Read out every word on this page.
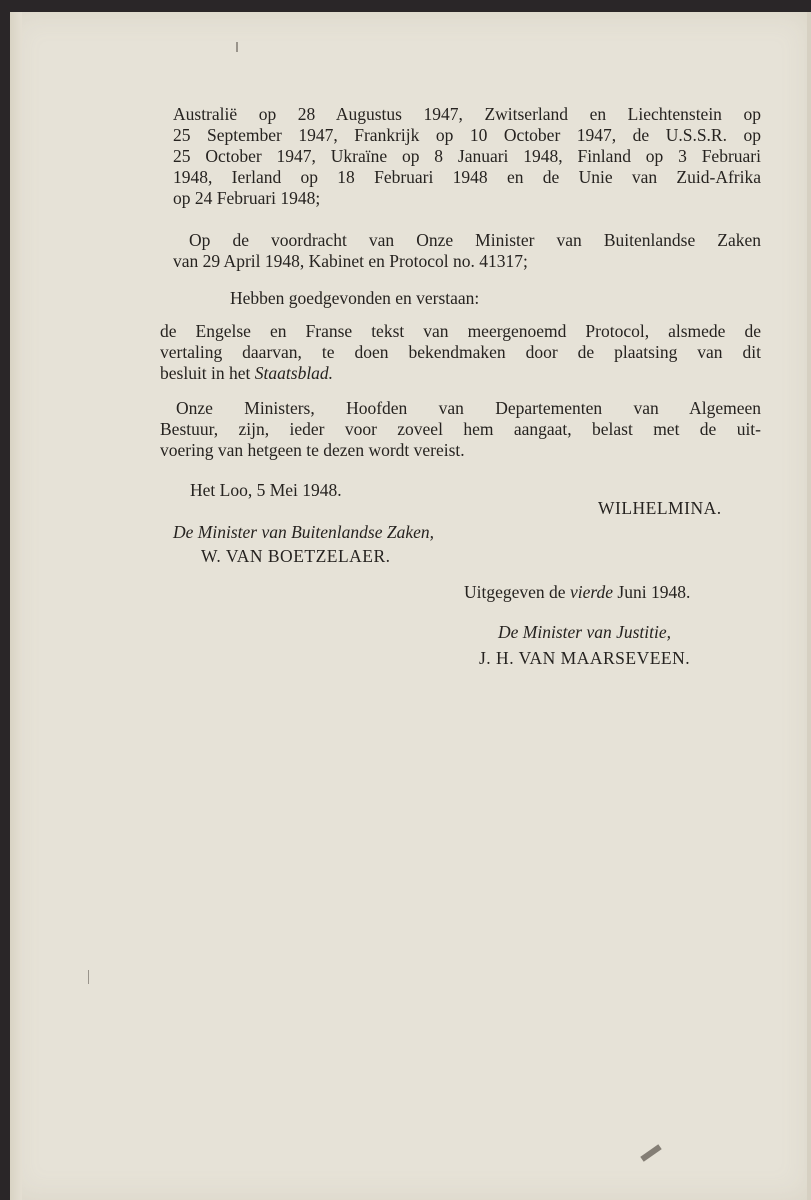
Australië op 28 Augustus 1947, Zwitserland en Liechtenstein op
25 September 1947, Frankrijk op 10 October 1947, de U.S.S.R. op
25 October 1947, Ukraïne op 8 Januari 1948, Finland op 3 Februari
1948, Ierland op 18 Februari 1948 en de Unie van Zuid-Afrika
op 24 Februari 1948;
Op de voordracht van Onze Minister van Buitenlandse Zaken
van 29 April 1948, Kabinet en Protocol no. 41317;
Hebben goedgevonden en verstaan:
de Engelse en Franse tekst van meergenoemd Protocol, alsmede de
vertaling daarvan, te doen bekendmaken door de plaatsing van dit
besluit in het Staatsblad.
Onze Ministers, Hoofden van Departementen van Algemeen
Bestuur, zijn, ieder voor zoveel hem aangaat, belast met de uit-
voering van hetgeen te dezen wordt vereist.
Het Loo, 5 Mei 1948.
WILHELMINA.
De Minister van Buitenlandse Zaken,
W. VAN BOETZELAER.
Uitgegeven de vierde Juni 1948.
De Minister van Justitie,
J. H. VAN MAARSEVEEN.
